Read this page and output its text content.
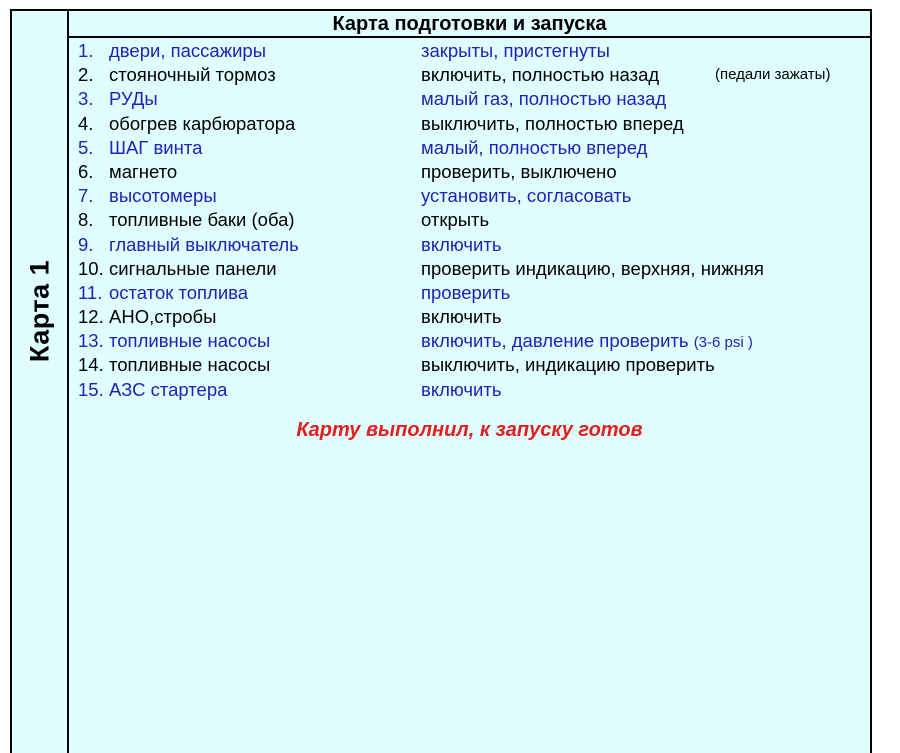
Карта 1
Карта подготовки и запуска
1. двери, пассажиры	закрыты, пристегнуты
2. стояночный тормоз	включить, полностью назад	(педали зажаты)
3. РУДы	малый газ, полностью назад
4. обогрев карбюратора	выключить, полностью вперед
5. ШАГ винта	малый, полностью вперед
6. магнето	проверить, выключено
7. высотомеры	установить, согласовать
8. топливные баки (оба)	открыть
9. главный выключатель	включить
10. сигнальные панели	проверить индикацию, верхняя, нижняя
11. остаток топлива	проверить
12. АНО,стробы	включить
13. топливные насосы	включить, давление проверить (3-6 psi )
14. топливные насосы	выключить, индикацию проверить
15. АЗС стартера	включить
Карту выполнил, к запуску готов
